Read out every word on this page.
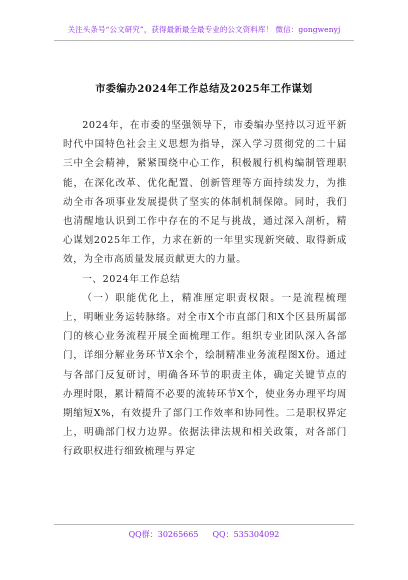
关注头条号“公文研究”，获得最新最全最专业的公文资料库！ 微信：gongwenyj
市委编办2024年工作总结及2025年工作谋划

2024年，在市委的坚强领导下，市委编办坚持以习近平新时代中国特色社会主义思想为指导，深入学习贯彻党的二十届三中全会精神，紧紧围绕中心工作，积极履行机构编制管理职能，在深化改革、优化配置、创新管理等方面持续发力，为推动全市各项事业发展提供了坚实的体制机制保障。同时，我们也清醒地认识到工作中存在的不足与挑战，通过深入剖析，精心谋划2025年工作，力求在新的一年里实现新突破、取得新成效，为全市高质量发展贡献更大的力量。

一、2024年工作总结

（一）职能优化上，精准厘定职责权限。一是流程梳理上，明晰业务运转脉络。对全市X个市直部门和X个区县所属部门的核心业务流程开展全面梳理工作。组织专业团队深入各部门，详细分解业务环节X余个，绘制精准业务流程图X份。通过与各部门反复研讨，明确各环节的职责主体，确定关键节点的办理时限，累计精简不必要的流转环节X个，使业务办理平均周期缩短X%，有效提升了部门工作效率和协同性。二是职权界定上，明确部门权力边界。依据法律法规和相关政策，对各部门行政职权进行细致梳理与界定

QQ群：30265665 QQ：535304092
